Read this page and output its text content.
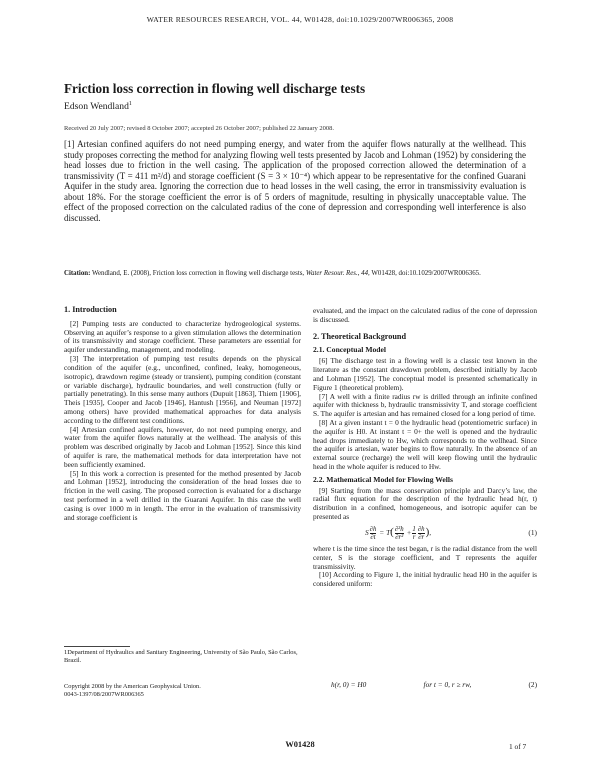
WATER RESOURCES RESEARCH, VOL. 44, W01428, doi:10.1029/2007WR006365, 2008
Friction loss correction in flowing well discharge tests
Edson Wendland$^1$
Received 20 July 2007; revised 8 October 2007; accepted 26 October 2007; published 22 January 2008.
[1] Artesian confined aquifers do not need pumping energy, and water from the aquifer flows naturally at the wellhead. This study proposes correcting the method for analyzing flowing well tests presented by Jacob and Lohman (1952) by considering the head losses due to friction in the well casing. The application of the proposed correction allowed the determination of a transmissivity (T = 411 m²/d) and storage coefficient (S = 3 × 10⁻⁴) which appear to be representative for the confined Guarani Aquifer in the study area. Ignoring the correction due to head losses in the well casing, the error in transmissivity evaluation is about 18%. For the storage coefficient the error is of 5 orders of magnitude, resulting in physically unacceptable value. The effect of the proposed correction on the calculated radius of the cone of depression and corresponding well interference is also discussed.
Citation: Wendland, E. (2008), Friction loss correction in flowing well discharge tests, Water Resour. Res., 44, W01428, doi:10.1029/2007WR006365.
1. Introduction

[2] Pumping tests are conducted to characterize hydrogeological systems. Observing an aquifer’s response to a given stimulation allows the determination of its transmissivity and storage coefficient. These parameters are essential for aquifer understanding, management, and modeling.

[3] The interpretation of pumping test results depends on the physical condition of the aquifer (e.g., unconfined, confined, leaky, homogeneous, isotropic), drawdown regime (steady or transient), pumping condition (constant or variable discharge), hydraulic boundaries, and well construction (fully or partially penetrating). In this sense many authors (Dupuit [1863], Thiem [1906], Theis [1935], Cooper and Jacob [1946], Hantush [1956], and Neuman [1972] among others) have provided mathematical approaches for data analysis according to the different test conditions.

[4] Artesian confined aquifers, however, do not need pumping energy, and water from the aquifer flows naturally at the wellhead. The analysis of this problem was described originally by Jacob and Lohman [1952]. Since this kind of aquifer is rare, the mathematical methods for data interpretation have not been sufficiently examined.

[5] In this work a correction is presented for the method presented by Jacob and Lohman [1952], introducing the consideration of the head losses due to friction in the well casing. The proposed correction is evaluated for a discharge test performed in a well drilled in the Guarani Aquifer. In this case the well casing is over 1000 m in length. The error in the evaluation of transmissivity and storage coefficient is

evaluated, and the impact on the calculated radius of the cone of depression is discussed.

2. Theoretical Background
2.1. Conceptual Model

[6] The discharge test in a flowing well is a classic test known in the literature as the constant drawdown problem, described initially by Jacob and Lohman [1952]. The conceptual model is presented schematically in Figure 1 (theoretical problem).

[7] A well with a finite radius rw is drilled through an infinite confined aquifer with thickness b, hydraulic transmissivity T, and storage coefficient S. The aquifer is artesian and has remained closed for a long period of time.

[8] At a given instant t = 0 the hydraulic head (potentiometric surface) in the aquifer is H0. At instant t = 0+ the well is opened and the hydraulic head drops immediately to Hw, which corresponds to the wellhead. Since the aquifer is artesian, water begins to flow naturally. In the absence of an external source (recharge) the well will keep flowing until the hydraulic head in the whole aquifer is reduced to Hw.

2.2. Mathematical Model for Flowing Wells

[9] Starting from the mass conservation principle and Darcy’s law, the radial flux equation for the description of the hydraulic head h(r, t) distribution in a confined, homogeneous, and isotropic aquifer can be presented as

S $\frac{\partial h}{\partial t} = T( \frac{\text{∂²h}}{\text{∂r²}} + \frac{1}{r} \frac{\partial h}{\partial r}$ ),	(1)

where t is the time since the test began, r is the radial distance from the well center, S is the storage coefficient, and T represents the aquifer transmissivity.

[10] According to Figure 1, the initial hydraulic head H0 in the aquifer is considered uniform:

h(r, 0) = H0	for t = 0, r ≥ rw,	(2)
1Department of Hydraulics and Sanitary Engineering, University of São Paulo, São Carlos, Brazil.
Copyright 2008 by the American Geophysical Union.
0043-1397/08/2007WR006365
W01428	1 of 7
